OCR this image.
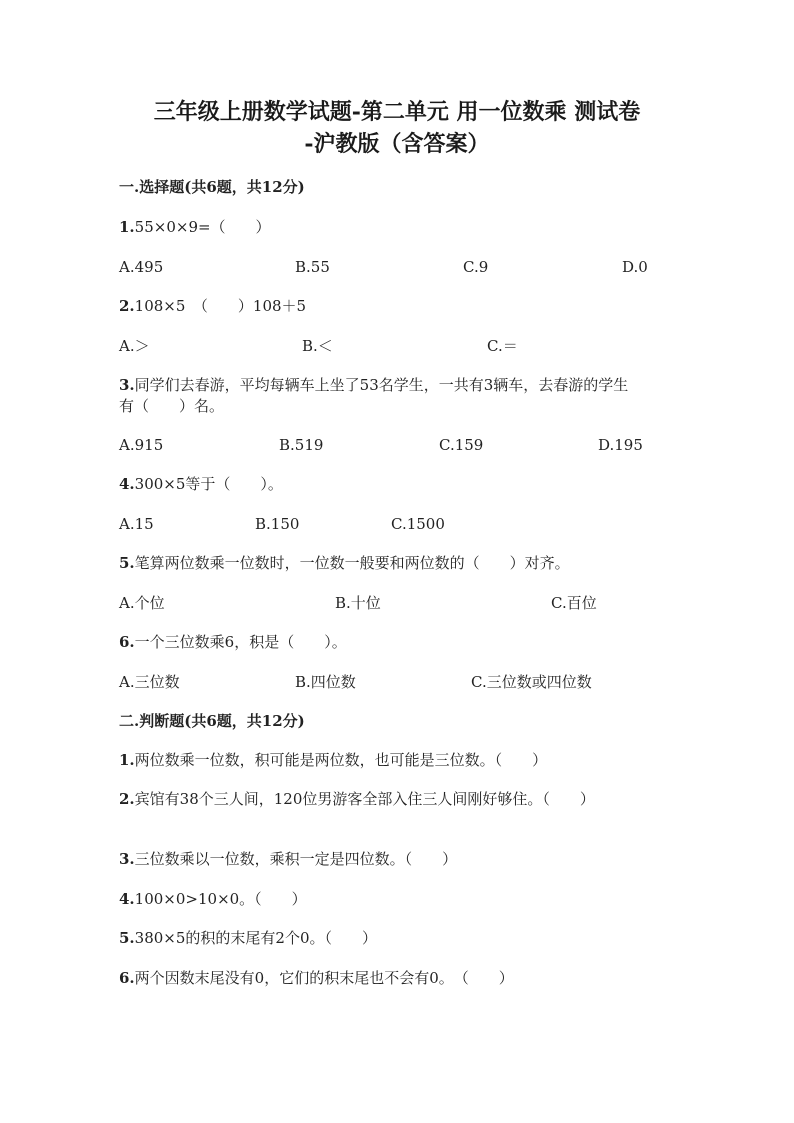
三年级上册数学试题-第二单元 用一位数乘 测试卷
-沪教版（含答案）
一.选择题(共6题，共12分)
1.55×0×9=（　　）
A.495	B.55	C.9	D.0
2.108×5　（　　）108＋5
A.＞	B.＜	C.＝
3.同学们去春游，平均每辆车上坐了53名学生，一共有3辆车，去春游的学生
有（　　）名。
A.915	B.519	C.159	D.195
4.300×5等于（　　）。
A.15	B.150	C.1500
5.笔算两位数乘一位数时，一位数一般要和两位数的（　　）对齐。
A.个位	B.十位	C.百位
6.一个三位数乘6，积是（　　）。
A.三位数	B.四位数	C.三位数或四位数
二.判断题(共6题，共12分)
1.两位数乘一位数，积可能是两位数，也可能是三位数。（　　）
2.宾馆有38个三人间，120位男游客全部入住三人间刚好够住。（　　）
3.三位数乘以一位数，乘积一定是四位数。（　　）
4.100×0>10×0。（　　）
5.380×5的积的末尾有2个0。（　　）
6.两个因数末尾没有0，它们的积末尾也不会有0。　（　　）
